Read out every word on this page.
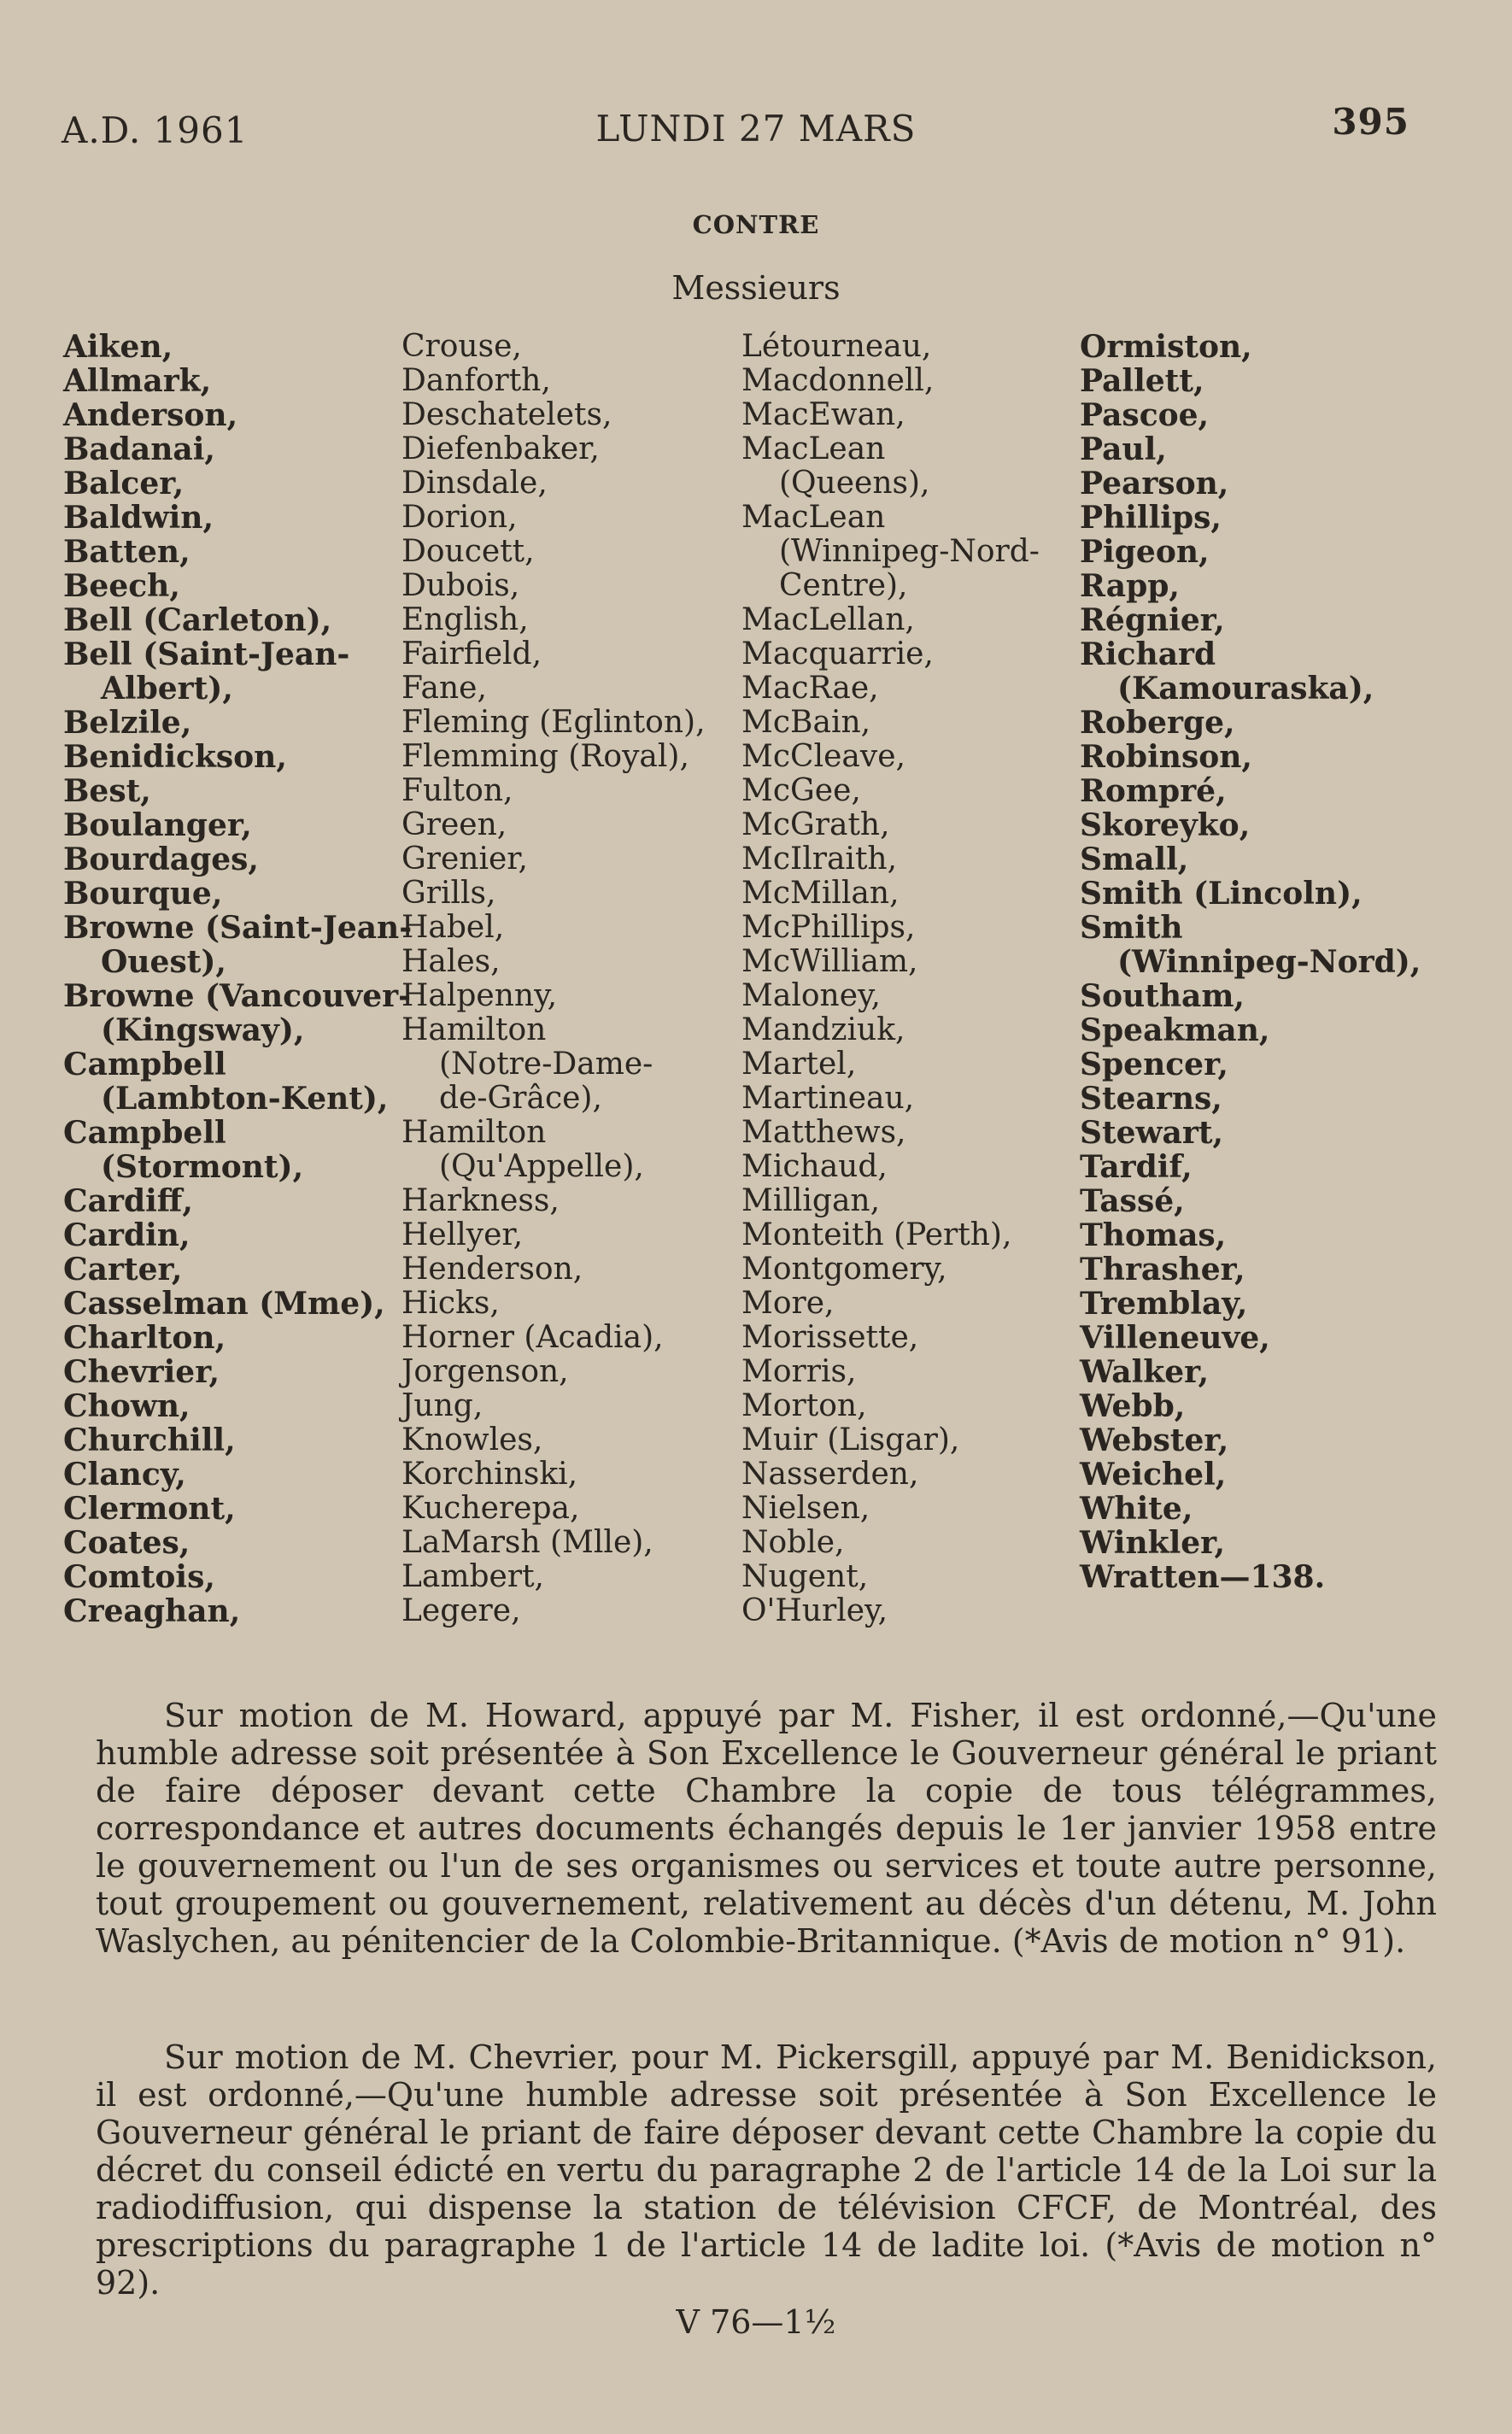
A.D. 1961	LUNDI 27 MARS	395
CONTRE
Messieurs
Aiken,
Allmark,
Anderson,
Badanai,
Balcer,
Baldwin,
Batten,
Beech,
Bell (Carleton),
Bell (Saint-Jean-
Albert),
Belzile,
Benidickson,
Best,
Boulanger,
Bourdages,
Bourque,
Browne (Saint-Jean-
Ouest),
Browne (Vancouver-
(Kingsway),
Campbell
(Lambton-Kent),
Campbell
(Stormont),
Cardiff,
Cardin,
Carter,
Casselman (Mme),
Charlton,
Chevrier,
Chown,
Churchill,
Clancy,
Clermont,
Coates,
Comtois,
Creaghan,
Crouse,
Danforth,
Deschatelets,
Diefenbaker,
Dinsdale,
Dorion,
Doucett,
Dubois,
English,
Fairfield,
Fane,
Fleming (Eglinton),
Flemming (Royal),
Fulton,
Green,
Grenier,
Grills,
Habel,
Hales,
Halpenny,
Hamilton
(Notre-Dame-
de-Grâce),
Hamilton
(Qu'Appelle),
Harkness,
Hellyer,
Henderson,
Hicks,
Horner (Acadia),
Jorgenson,
Jung,
Knowles,
Korchinski,
Kucherepa,
LaMarsh (Mlle),
Lambert,
Legere,
Létourneau,
Macdonnell,
MacEwan,
MacLean
(Queens),
MacLean
(Winnipeg-Nord-
Centre),
MacLellan,
Macquarrie,
MacRae,
McBain,
McCleave,
McGee,
McGrath,
McIlraith,
McMillan,
McPhillips,
McWilliam,
Maloney,
Mandziuk,
Martel,
Martineau,
Matthews,
Michaud,
Milligan,
Monteith (Perth),
Montgomery,
More,
Morissette,
Morris,
Morton,
Muir (Lisgar),
Nasserden,
Nielsen,
Noble,
Nugent,
O'Hurley,
Ormiston,
Pallett,
Pascoe,
Paul,
Pearson,
Phillips,
Pigeon,
Rapp,
Régnier,
Richard
(Kamouraska),
Roberge,
Robinson,
Rompré,
Skoreyko,
Small,
Smith (Lincoln),
Smith
(Winnipeg-Nord),
Southam,
Speakman,
Spencer,
Stearns,
Stewart,
Tardif,
Tassé,
Thomas,
Thrasher,
Tremblay,
Villeneuve,
Walker,
Webb,
Webster,
Weichel,
White,
Winkler,
Wratten—138.
Sur motion de M. Howard, appuyé par M. Fisher, il est ordonné,—Qu'une humble adresse soit présentée à Son Excellence le Gouverneur général le priant de faire déposer devant cette Chambre la copie de tous télégrammes, correspondance et autres documents échangés depuis le 1er janvier 1958 entre le gouvernement ou l'un de ses organismes ou services et toute autre personne, tout groupement ou gouvernement, relativement au décès d'un détenu, M. John Waslychen, au pénitencier de la Colombie-Britannique. (*Avis de motion n° 91).
Sur motion de M. Chevrier, pour M. Pickersgill, appuyé par M. Benidickson, il est ordonné,—Qu'une humble adresse soit présentée à Son Excellence le Gouverneur général le priant de faire déposer devant cette Chambre la copie du décret du conseil édicté en vertu du paragraphe 2 de l'article 14 de la Loi sur la radiodiffusion, qui dispense la station de télévision CFCF, de Montréal, des prescriptions du paragraphe 1 de l'article 14 de ladite loi. (*Avis de motion n° 92).
V 76—1½
